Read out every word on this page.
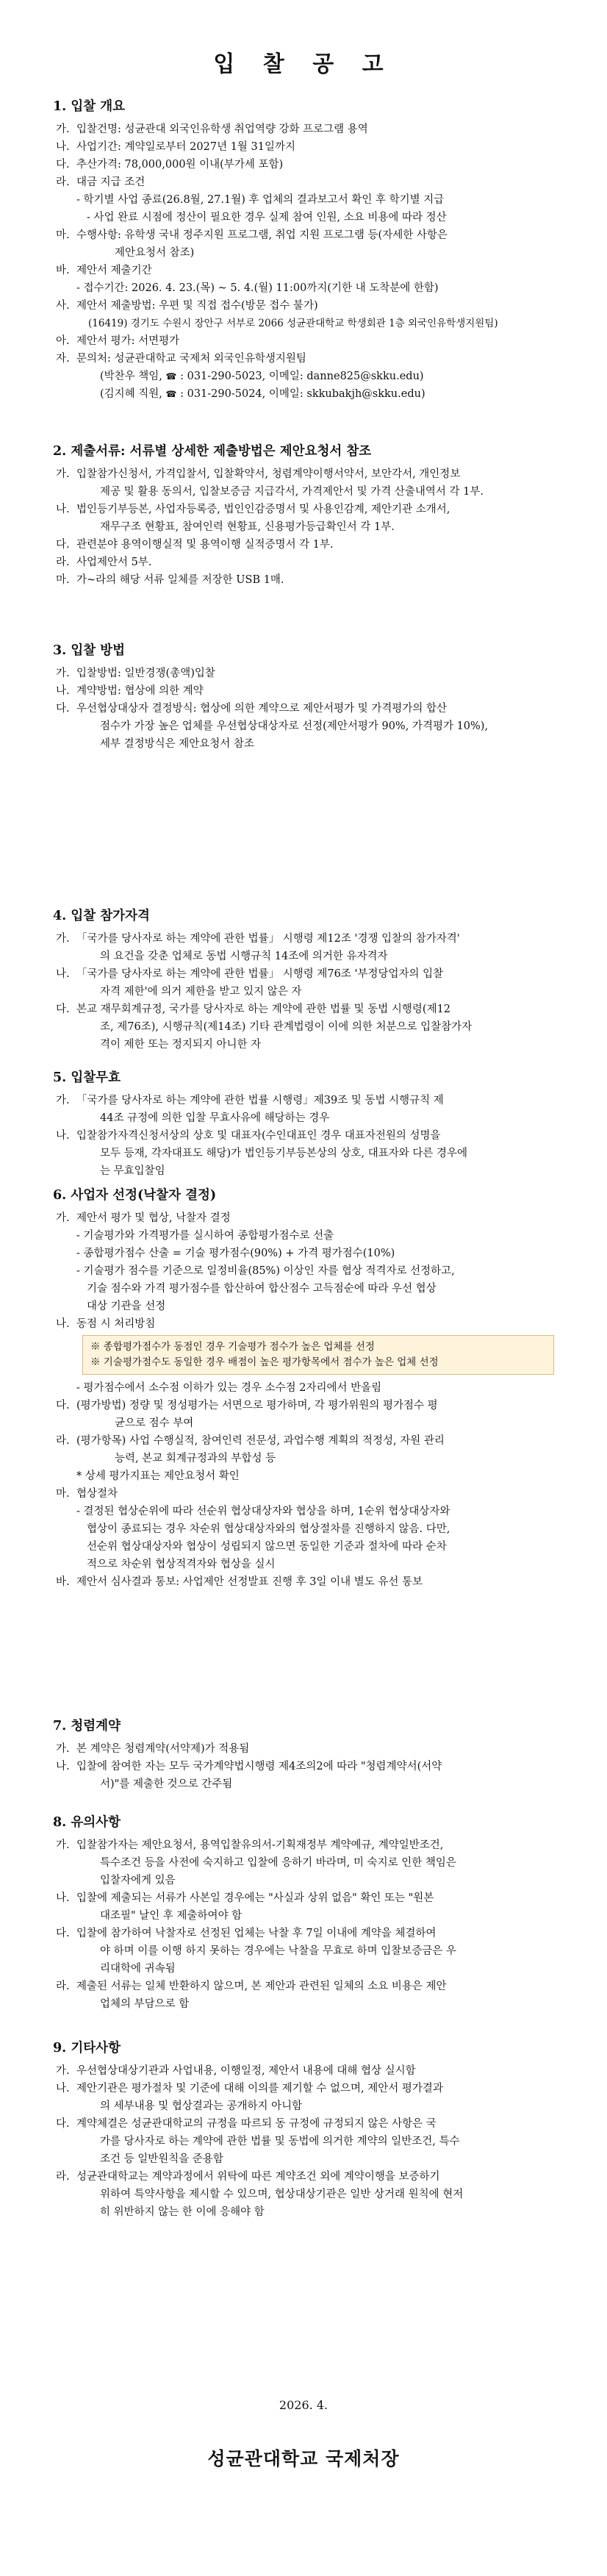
입 찰 공 고
1. 입찰 개요
가. 입찰건명: 성균관대 외국인유학생 취업역량 강화 프로그램 용역
나. 사업기간: 계약일로부터 2027년 1월 31일까지
다. 추산가격: 78,000,000원 이내(부가세 포함)
라. 대금 지급 조건
- 학기별 사업 종료(26.8월, 27.1월) 후 업체의 결과보고서 확인 후 학기별 지급
- 사업 완료 시점에 정산이 필요한 경우 실제 참여 인원, 소요 비용에 따라 정산
마. 수행사항: 유학생 국내 정주지원 프로그램, 취업 지원 프로그램 등(자세한 사항은
제안요청서 참조)
바. 제안서 제출기간
- 접수기간: 2026. 4. 23.(목) ~ 5. 4.(월) 11:00까지(기한 내 도착분에 한함)
사. 제안서 제출방법: 우편 및 직접 접수(방문 접수 불가)
(16419) 경기도 수원시 장안구 서부로 2066 성균관대학교 학생회관 1층 외국인유학생지원팀)
아. 제안서 평가: 서면평가
자. 문의처: 성균관대학교 국제처 외국인유학생지원팀
(박찬우 책임, ☎ : 031-290-5023, 이메일: danne825@skku.edu)
(김지혜 직원, ☎ : 031-290-5024, 이메일: skkubakjh@skku.edu)
2. 제출서류: 서류별 상세한 제출방법은 제안요청서 참조
가. 입찰참가신청서, 가격입찰서, 입찰확약서, 청렴계약이행서약서, 보안각서, 개인정보
제공 및 활용 동의서, 입찰보증금 지급각서, 가격제안서 및 가격 산출내역서 각 1부.
나. 법인등기부등본, 사업자등록증, 법인인감증명서 및 사용인감계, 제안기관 소개서,
재무구조 현황표, 참여인력 현황표, 신용평가등급확인서 각 1부.
다. 관련분야 용역이행실적 및 용역이행 실적증명서 각 1부.
라. 사업제안서 5부.
마. 가~라의 해당 서류 일체를 저장한 USB 1매.
3. 입찰 방법
가. 입찰방법: 일반경쟁(총액)입찰
나. 계약방법: 협상에 의한 계약
다. 우선협상대상자 결정방식: 협상에 의한 계약으로 제안서평가 및 가격평가의 합산
점수가 가장 높은 업체를 우선협상대상자로 선정(제안서평가 90%, 가격평가 10%),
세부 결정방식은 제안요청서 참조
4. 입찰 참가자격
가. 「국가를 당사자로 하는 계약에 관한 법률」 시행령 제12조 '경쟁 입찰의 참가자격'
의 요건을 갖춘 업체로 동법 시행규칙 14조에 의거한 유자격자
나. 「국가를 당사자로 하는 계약에 관한 법률」 시행령 제76조 '부정당업자의 입찰
자격 제한'에 의거 제한을 받고 있지 않은 자
다. 본교 재무회계규정, 국가를 당사자로 하는 계약에 관한 법률 및 동법 시행령(제12
조, 제76조), 시행규칙(제14조) 기타 관계법령이 이에 의한 처분으로 입찰참가자
격이 제한 또는 정지되지 아니한 자
5. 입찰무효
가. 「국가를 당사자로 하는 계약에 관한 법률 시행령」제39조 및 동법 시행규칙 제
44조 규정에 의한 입찰 무효사유에 해당하는 경우
나. 입찰참가자격신청서상의 상호 및 대표자(수인대표인 경우 대표자전원의 성명을
모두 등재, 각자대표도 해당)가 법인등기부등본상의 상호, 대표자와 다른 경우에
는 무효입찰임
6. 사업자 선정(낙찰자 결정)
가. 제안서 평가 및 협상, 낙찰자 결정
- 기술평가와 가격평가를 실시하여 종합평가점수로 선출
- 종합평가점수 산출 = 기술 평가점수(90%) + 가격 평가점수(10%)
- 기술평가 점수를 기준으로 일정비율(85%) 이상인 자를 협상 적격자로 선정하고,
기술 점수와 가격 평가점수를 합산하여 합산점수 고득점순에 따라 우선 협상
대상 기관을 선정
나. 동점 시 처리방침
※ 종합평가점수가 동점인 경우 기술평가 점수가 높은 업체를 선정
※ 기술평가점수도 동일한 경우 배점이 높은 평가항목에서 점수가 높은 업체 선정
- 평가점수에서 소수점 이하가 있는 경우 소수점 2자리에서 반올림
다. (평가방법) 정량 및 정성평가는 서면으로 평가하며, 각 평가위원의 평가점수 평
균으로 점수 부여
라. (평가항목) 사업 수행실적, 참여인력 전문성, 과업수행 계획의 적정성, 자원 관리
능력, 본교 회계규정과의 부합성 등
* 상세 평가지표는 제안요청서 확인
마. 협상절차
- 결정된 협상순위에 따라 선순위 협상대상자와 협상을 하며, 1순위 협상대상자와
협상이 종료되는 경우 차순위 협상대상자와의 협상절차를 진행하지 않음. 다만,
선순위 협상대상자와 협상이 성립되지 않으면 동일한 기준과 절차에 따라 순차
적으로 차순위 협상적격자와 협상을 실시
바. 제안서 심사결과 통보: 사업제안 선정발표 진행 후 3일 이내 별도 유선 통보
7. 청렴계약
가. 본 계약은 청렴계약(서약제)가 적용됨
나. 입찰에 참여한 자는 모두 국가계약법시행령 제4조의2에 따라 "청렴계약서(서약
서)"를 제출한 것으로 간주됨
8. 유의사항
가. 입찰참가자는 제안요청서, 용역입찰유의서-기획재정부 계약예규, 계약일반조건,
특수조건 등을 사전에 숙지하고 입찰에 응하기 바라며, 미 숙지로 인한 책임은
입찰자에게 있음
나. 입찰에 제출되는 서류가 사본일 경우에는 "사실과 상위 없음" 확인 또는 "원본
대조필" 날인 후 제출하여야 함
다. 입찰에 참가하여 낙찰자로 선정된 업체는 낙찰 후 7일 이내에 계약을 체결하여
야 하며 이를 이행 하지 못하는 경우에는 낙찰을 무효로 하며 입찰보증금은 우
리대학에 귀속됨
라. 제출된 서류는 일체 반환하지 않으며, 본 제안과 관련된 일체의 소요 비용은 제안
업체의 부담으로 함
9. 기타사항
가. 우선협상대상기관과 사업내용, 이행일정, 제안서 내용에 대해 협상 실시함
나. 제안기관은 평가절차 및 기준에 대해 이의를 제기할 수 없으며, 제안서 평가결과
의 세부내용 및 협상결과는 공개하지 아니함
다. 계약체결은 성균관대학교의 규정을 따르되 동 규정에 규정되지 않은 사항은 국
가를 당사자로 하는 계약에 관한 법률 및 동법에 의거한 계약의 일반조건, 특수
조건 등 일반원칙을 준용함
라. 성균관대학교는 계약과정에서 위탁에 따른 계약조건 외에 계약이행을 보증하기
위하여 특약사항을 제시할 수 있으며, 협상대상기관은 일반 상거래 원칙에 현저
히 위반하지 않는 한 이에 응해야 함
2026. 4.
성균관대학교 국제처장
